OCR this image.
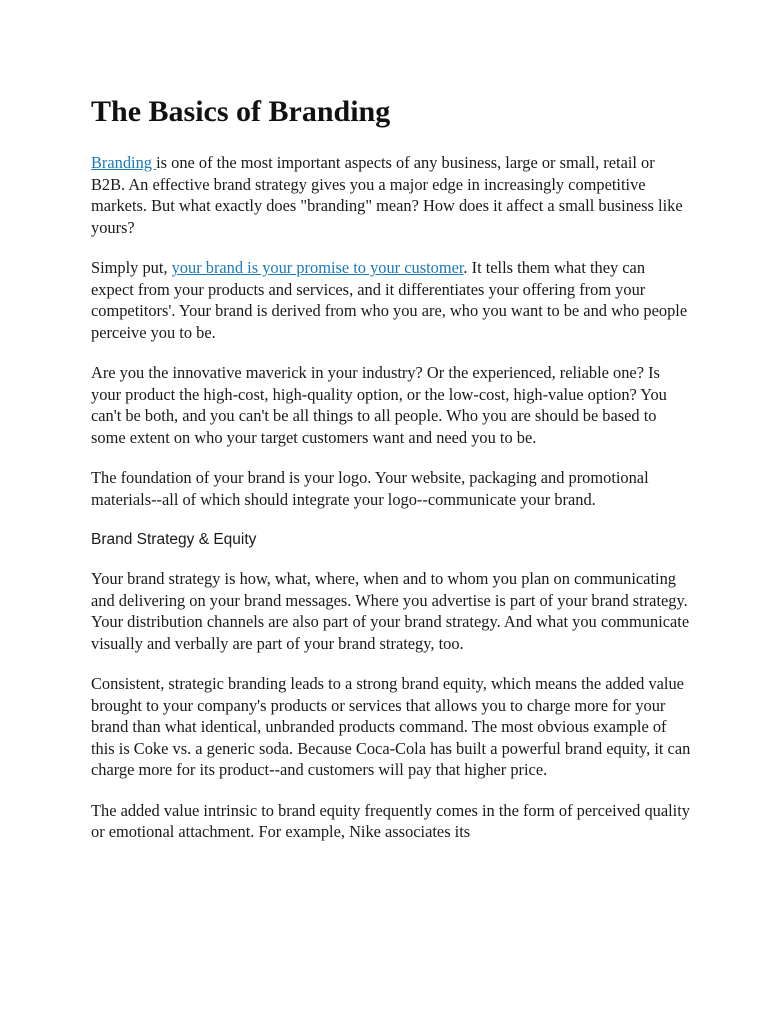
The Basics of Branding

Branding is one of the most important aspects of any business, large or small, retail or B2B. An effective brand strategy gives you a major edge in increasingly competitive markets. But what exactly does "branding" mean? How does it affect a small business like yours?

Simply put, your brand is your promise to your customer. It tells them what they can expect from your products and services, and it differentiates your offering from your competitors'. Your brand is derived from who you are, who you want to be and who people perceive you to be.

Are you the innovative maverick in your industry? Or the experienced, reliable one? Is your product the high-cost, high-quality option, or the low-cost, high-value option? You can't be both, and you can't be all things to all people. Who you are should be based to some extent on who your target customers want and need you to be.

The foundation of your brand is your logo. Your website, packaging and promotional materials--all of which should integrate your logo--communicate your brand.

Brand Strategy & Equity

Your brand strategy is how, what, where, when and to whom you plan on communicating and delivering on your brand messages. Where you advertise is part of your brand strategy. Your distribution channels are also part of your brand strategy. And what you communicate visually and verbally are part of your brand strategy, too.

Consistent, strategic branding leads to a strong brand equity, which means the added value brought to your company's products or services that allows you to charge more for your brand than what identical, unbranded products command. The most obvious example of this is Coke vs. a generic soda. Because Coca-Cola has built a powerful brand equity, it can charge more for its product--and customers will pay that higher price.

The added value intrinsic to brand equity frequently comes in the form of perceived quality or emotional attachment. For example, Nike associates its
